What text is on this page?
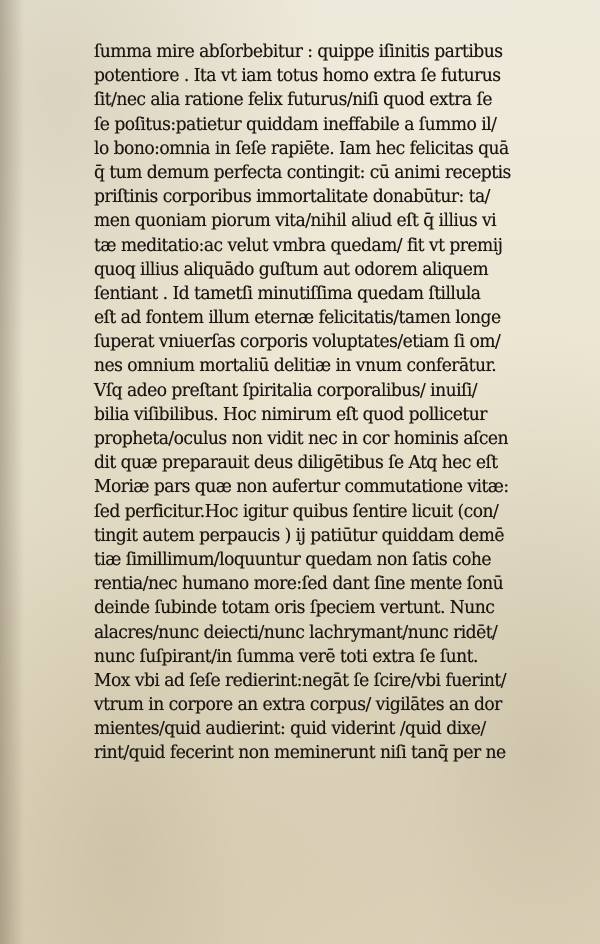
ſumma mire abſorbebitur : quippe iſinitis partibus
potentiore . Ita vt iam totus homo extra ſe futurus
ſit/nec alia ratione felix futurus/niſi quod extra ſe
ſe poſitus:patietur quiddam ineffabile a ſummo il/
lo bono:omnia in ſeſe rapiēte. Iam hec felicitas quā
q̄ tum demum perfecta contingit: cū animi receptis
priſtinis corporibus immortalitate donabūtur: ta/
men quoniam piorum vita/nihil aliud eſt q̄ illius vi
tæ meditatio:ac velut vmbra quedam/ fit vt premij
quoq illius aliquādo guſtum aut odorem aliquem
ſentiant . Id tametſi minutiſſima quedam ſtillula
eſt ad fontem illum eternæ felicitatis/tamen longe
ſuperat vniuerſas corporis voluptates/etiam ſi om/
nes omnium mortaliū delitiæ in vnum conferātur.
Vſq adeo preſtant ſpiritalia corporalibus/ inuiſi/
bilia viſibilibus. Hoc nimirum eſt quod pollicetur
propheta/oculus non vidit nec in cor hominis aſcen
dit quæ preparauit deus diligētibus ſe Atq hec eſt
Moriæ pars quæ non aufertur commutatione vitæ:
ſed perficitur.Hoc igitur quibus ſentire licuit (con/
tingit autem perpaucis ) ij patiūtur quiddam demē
tiæ ſimillimum/loquuntur quedam non ſatis cohe
rentia/nec humano more:ſed dant ſine mente ſonū
deinde ſubinde totam oris ſpeciem vertunt. Nunc
alacres/nunc deiecti/nunc lachrymant/nunc ridēt/
nunc ſuſpirant/in ſumma verē toti extra ſe ſunt.
Mox vbi ad ſeſe redierint:negāt ſe ſcire/vbi fuerint/
vtrum in corpore an extra corpus/ vigilātes an dor
mientes/quid audierint: quid viderint /quid dixe/
rint/quid fecerint non meminerunt niſi tanq̄ per ne
